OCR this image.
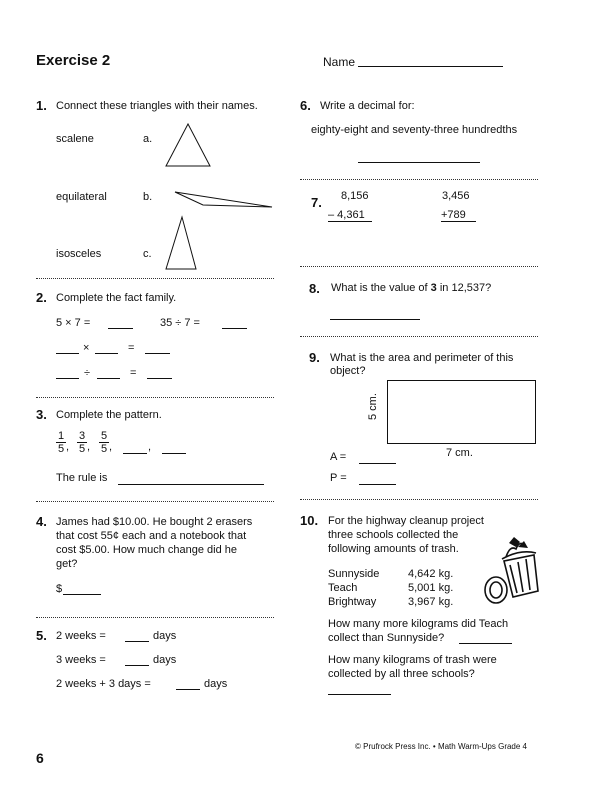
Exercise 2	Name
1. Connect these triangles with their names.
scalene
equilateral
isosceles
a.
b.
c.
2. Complete the fact family.
5 × 7 =	35 ÷ 7 =
×	=
÷	=
3. Complete the pattern.
$\frac{1}{5}$ , $\frac{3}{5}$ , $\frac{5}{5}$ ,	,
The rule is
4. James had $10.00. He bought 2 erasers
that cost 55¢ each and a notebook that
cost $5.00. How much change did he
get?
$
5. 2 weeks =	days
3 weeks =	days
2 weeks + 3 days =	days
6. Write a decimal for:
eighty-eight and seventy-three hundredths
7. 8,156
– 4,361
3,456
+789
8. What is the value of 3 in 12,537?
9. What is the area and perimeter of this
object?
5 cm.
7 cm.
A =
P =
10. For the highway cleanup project
three schools collected the
following amounts of trash.
Sunnyside	4,642 kg.
Teach	5,001 kg.
Brightway	3,967 kg.
How many more kilograms did Teach
collect than Sunnyside?
How many kilograms of trash were
collected by all three schools?
6
© Prufrock Press Inc. • Math Warm-Ups Grade 4
